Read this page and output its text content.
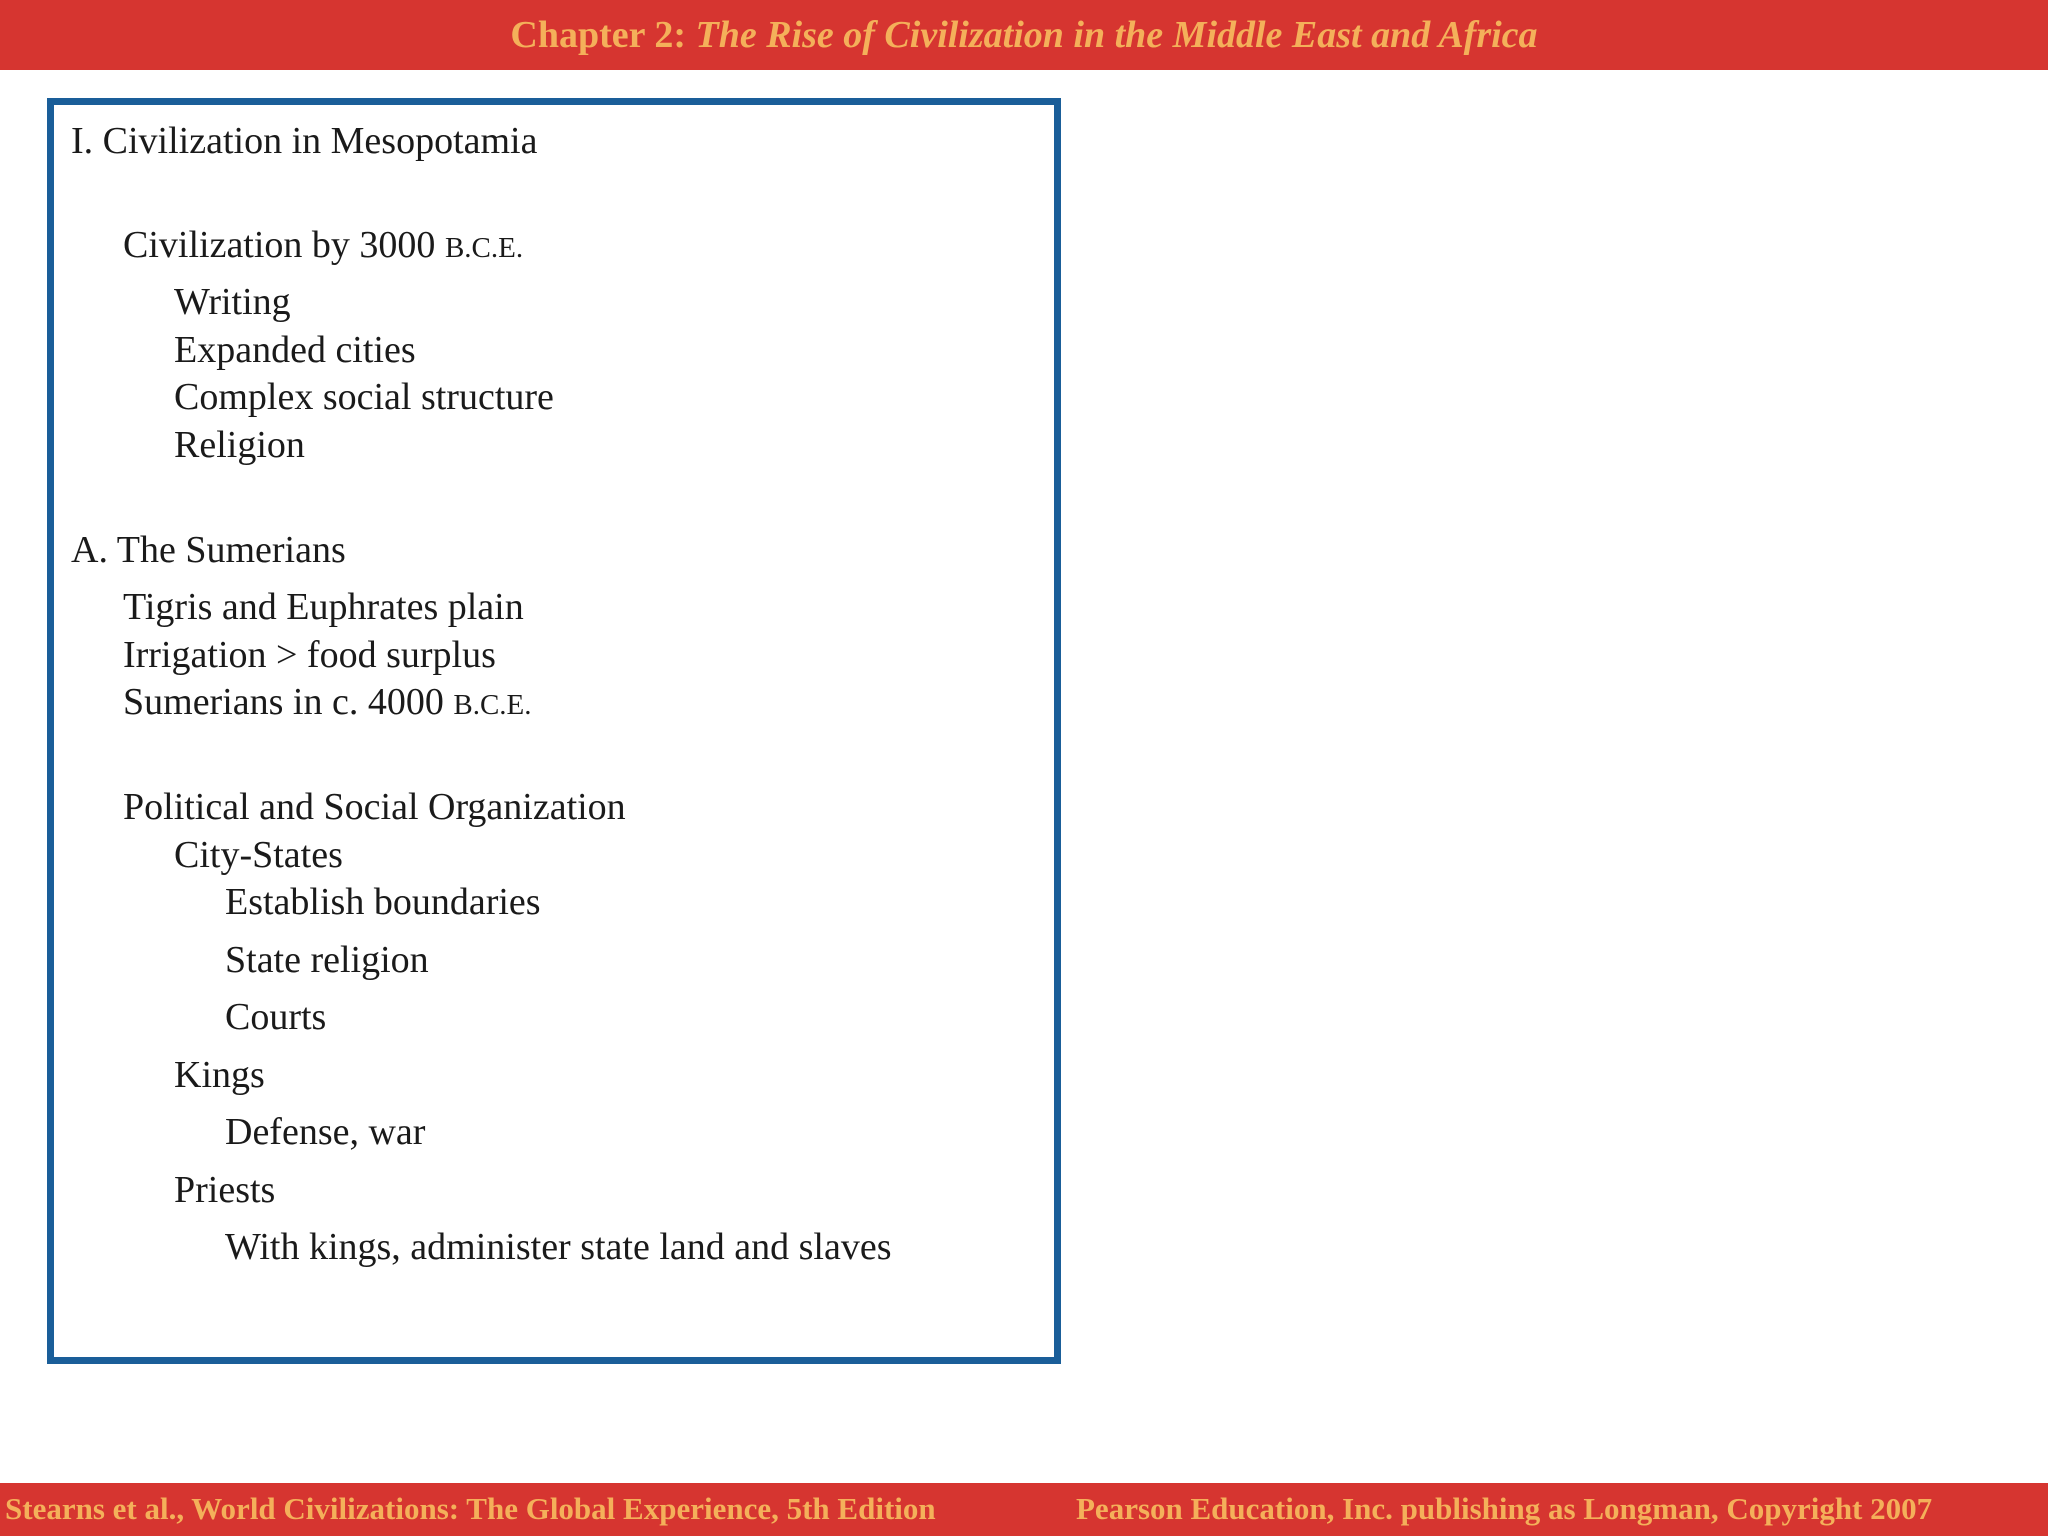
Chapter 2: The Rise of Civilization in the Middle East and Africa
I. Civilization in Mesopotamia
Civilization by 3000 B.C.E.
Writing
Expanded cities
Complex social structure
Religion
A. The Sumerians
Tigris and Euphrates plain
Irrigation > food surplus
Sumerians in c. 4000 B.C.E.
Political and Social Organization
City-States
Establish boundaries
State religion
Courts
Kings
Defense, war
Priests
With kings, administer state land and slaves
Stearns et al., World Civilizations: The Global Experience, 5th Edition	Pearson Education, Inc. publishing as Longman, Copyright 2007
